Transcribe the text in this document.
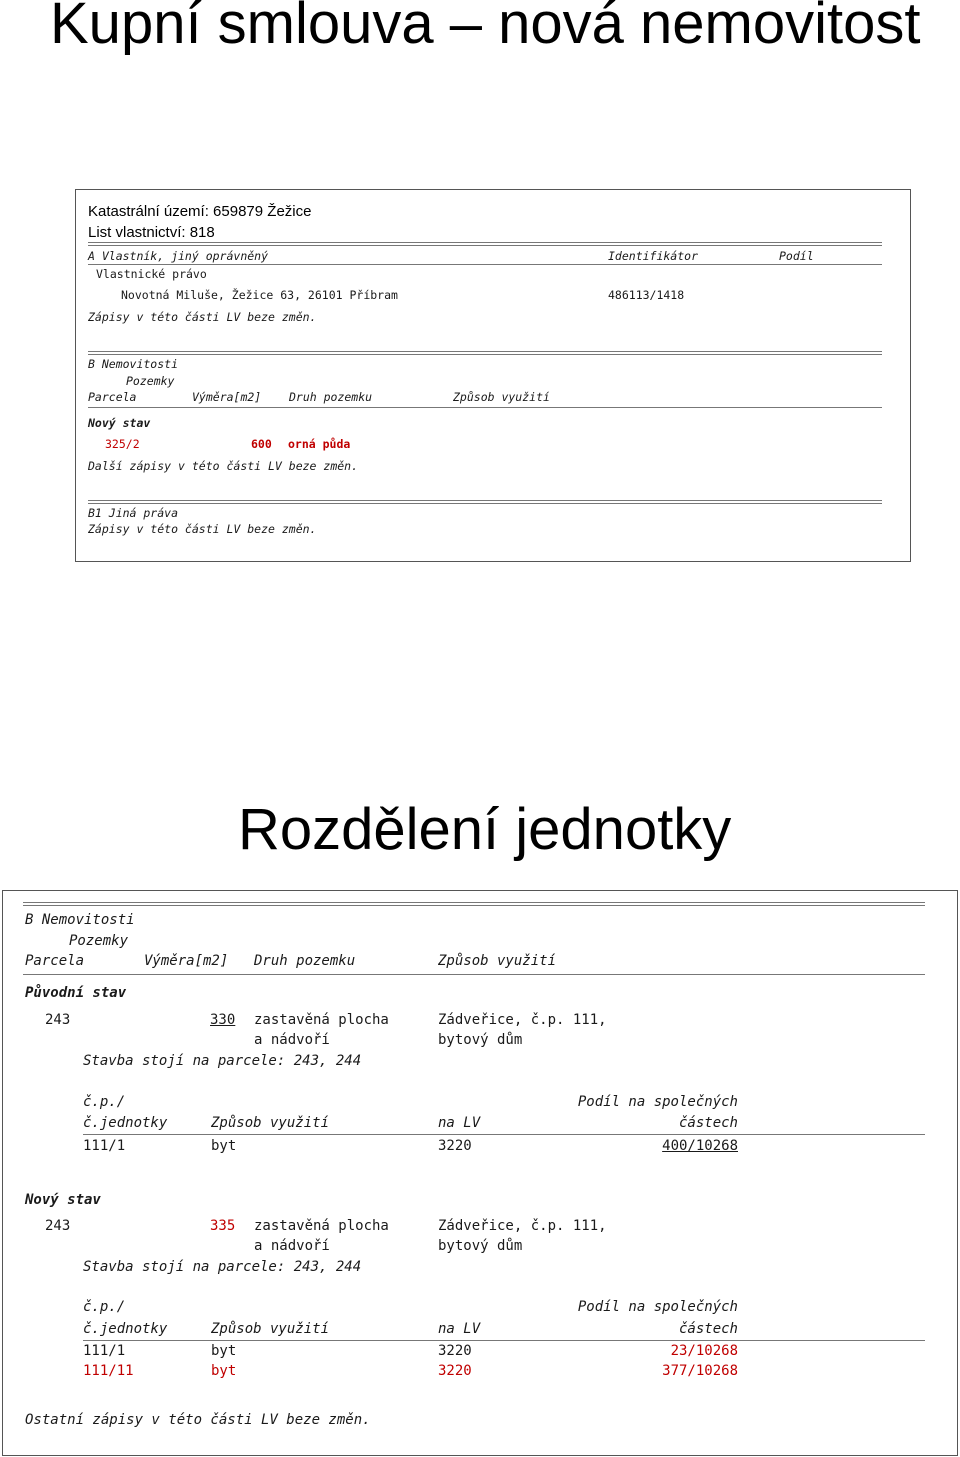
Kupní smlouva – nová nemovitost
Katastrální území: 659879 Žežice
List vlastnictví: 818
A Vlastník, jiný oprávněný	Identifikátor	Podíl
Vlastnické právo
Novotná Miluše, Žežice 63, 26101 Příbram	486113/1418
Zápisy v této části LV beze změn.
B Nemovitosti
Pozemky
Parcela	Výměra[m2] Druh pozemku	Způsob využití
Nový stav
325/2	600 orná půda
Další zápisy v této části LV beze změn.
B1 Jiná práva
Zápisy v této části LV beze změn.
Rozdělení jednotky
B Nemovitosti
Pozemky
Parcela	Výměra[m2] Druh pozemku	Způsob využití
Původní stav
243	330 zastavěná plocha
a nádvoří
Zádveřice, č.p. 111,
bytový dům
Stavba stojí na parcele: 243, 244
č.p./
č.jednotky	Způsob využití	na LV
Podíl na společných
částech
111/1	byt	3220	400/10268
Nový stav
243	335 zastavěná plocha
a nádvoří
Zádveřice, č.p. 111,
bytový dům
Stavba stojí na parcele: 243, 244
č.p./
č.jednotky	Způsob využití	na LV
Podíl na společných
částech
111/1	byt	3220	23/10268
111/11	byt	3220	377/10268
Ostatní zápisy v této části LV beze změn.
